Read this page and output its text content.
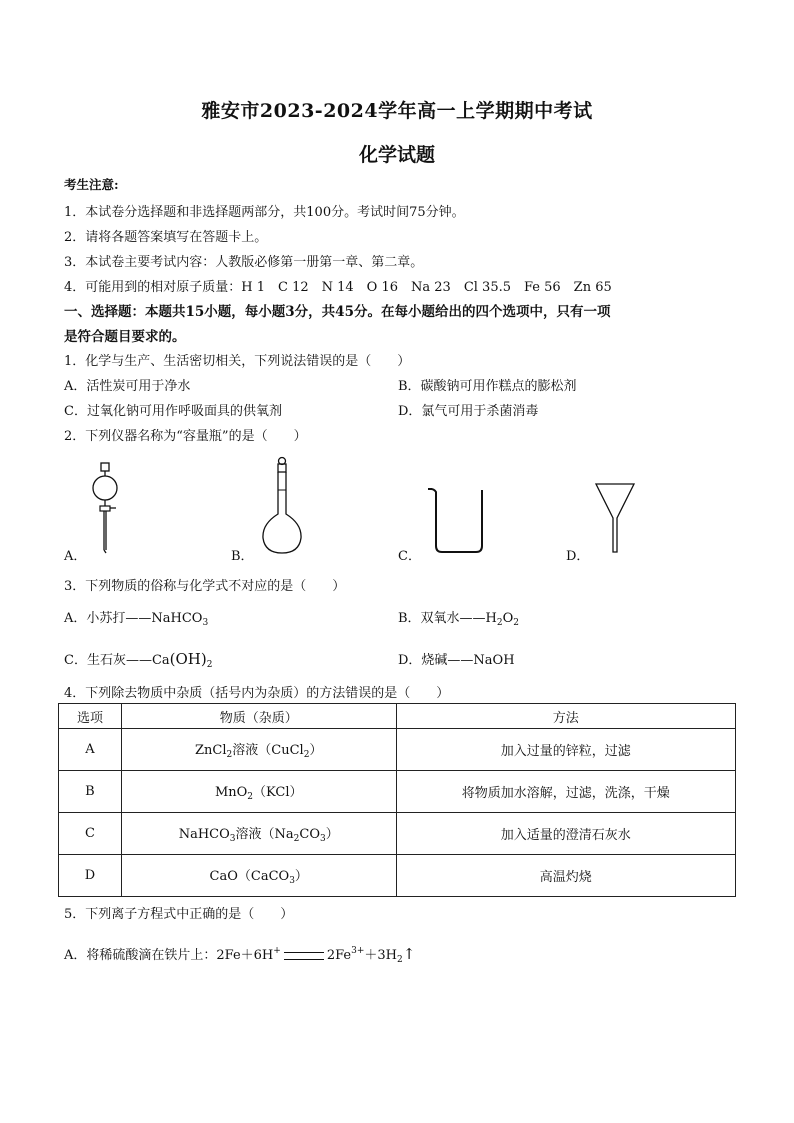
雅安市2023-2024学年高一上学期期中考试
化学试题
考生注意:
1．本试卷分选择题和非选择题两部分，共100分。考试时间75分钟。
2．请将各题答案填写在答题卡上。
3．本试卷主要考试内容：人教版必修第一册第一章、第二章。
4．可能用到的相对原子质量：H 1　C 12　N 14　O 16　Na 23　Cl 35.5　Fe 56　Zn 65
一、选择题：本题共15小题，每小题3分，共45分。在每小题给出的四个选项中，只有一项
是符合题目要求的。
1．化学与生产、生活密切相关，下列说法错误的是（　　）
A．活性炭可用于净水	B．碳酸钠可用作糕点的膨松剂
C．过氧化钠可用作呼吸面具的供氧剂	D．氯气可用于杀菌消毒
2．下列仪器名称为“容量瓶”的是（　　）
A．	B．	C．	D．
3．下列物质的俗称与化学式不对应的是（　　）
A．小苏打——NaHCO$_3$	B．双氧水$——H_2O_2$
C．生石灰$——Ca(OH)_2$	D．烧碱——NaOH
4．下列除去物质中杂质（括号内为杂质）的方法错误的是（　　）
选项	物质（杂质）	方法
A	ZnCl$_2$溶液（CuCl$_2$）	加入过量的锌粒，过滤
B	MnO$_2$（KCl）	将物质加水溶解，过滤，洗涤，干燥
C	NaHCO$_3$溶液$(Na_2CO_3)$	加入适量的澄清石灰水
D	CaO（CaCO$_3$）	高温灼烧
5．下列离子方程式中正确的是（　　）
A．将稀硫酸滴在铁片上：2Fe＋6H+	$2Fe^{3+}+3H_2↑$
